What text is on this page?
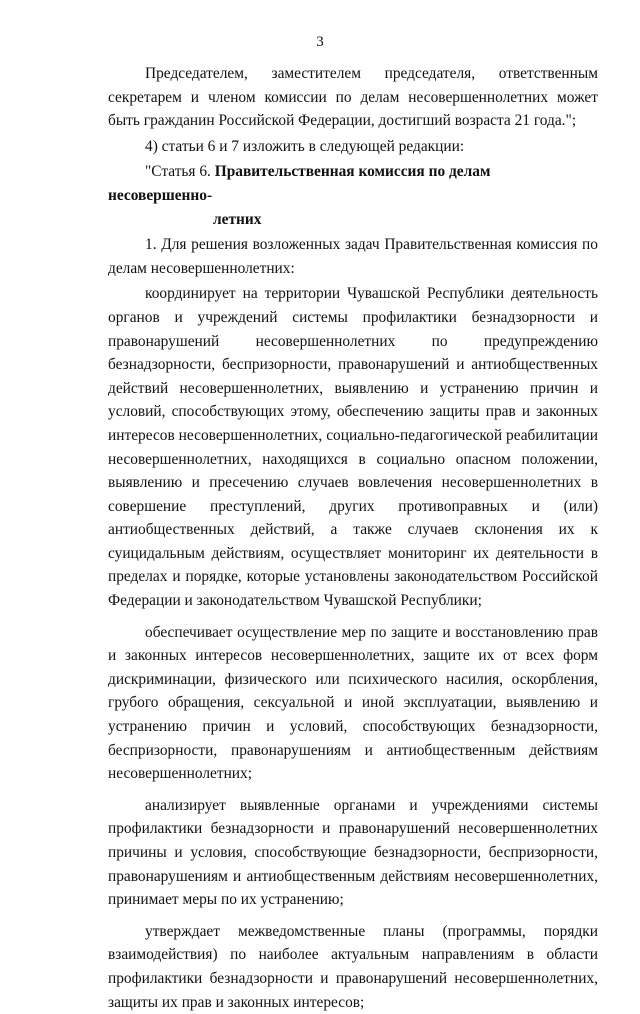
3

Председателем, заместителем председателя, ответственным секретарем и членом комиссии по делам несовершеннолетних может быть гражданин Российской Федерации, достигший возраста 21 года.";

4) статьи 6 и 7 изложить в следующей редакции:

"Статья 6. Правительственная комиссия по делам несовершенно-

летних

1. Для решения возложенных задач Правительственная комиссия по делам несовершеннолетних:

координирует на территории Чувашской Республики деятельность органов и учреждений системы профилактики безнадзорности и правонарушений несовершеннолетних по предупреждению безнадзорности, беспризорности, правонарушений и антиобщественных действий несовершеннолетних, выявлению и устранению причин и условий, способствующих этому, обеспечению защиты прав и законных интересов несовершеннолетних, социально-педагогической реабилитации несовершеннолетних, находящихся в социально опасном положении, выявлению и пресечению случаев вовлечения несовершеннолетних в совершение преступлений, других противоправных и (или) антиобщественных действий, а также случаев склонения их к суицидальным действиям, осуществляет мониторинг их деятельности в пределах и порядке, которые установлены законодательством Российской Федерации и законодательством Чувашской Республики;

обеспечивает осуществление мер по защите и восстановлению прав и законных интересов несовершеннолетних, защите их от всех форм дискриминации, физического или психического насилия, оскорбления, грубого обращения, сексуальной и иной эксплуатации, выявлению и устранению причин и условий, способствующих безнадзорности, беспризорности, правонарушениям и антиобщественным действиям несовершеннолетних;

анализирует выявленные органами и учреждениями системы профилактики безнадзорности и правонарушений несовершеннолетних причины и условия, способствующие безнадзорности, беспризорности, правонарушениям и антиобщественным действиям несовершеннолетних, принимает меры по их устранению;

утверждает межведомственные планы (программы, порядки взаимодействия) по наиболее актуальным направлениям в области профилактики безнадзорности и правонарушений несовершеннолетних, защиты их прав и законных интересов;
